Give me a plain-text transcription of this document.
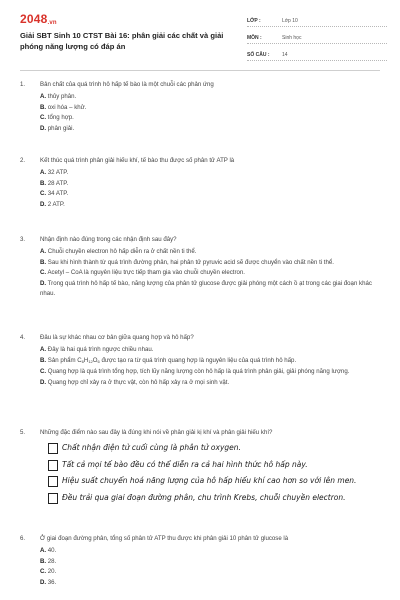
2048.vn
Giải SBT Sinh 10 CTST Bài 16: phân giải các chất và giải phóng năng lượng có đáp án
LỚP :	Lớp 10
MÔN :	Sinh học
SỐ CÂU :	14
1.	Bản chất của quá trình hô hấp tế bào là một chuỗi các phản ứng
A. thủy phân.
B. oxi hóa – khử.
C. tổng hợp.
D. phân giải.
2.	Kết thúc quá trình phân giải hiếu khí, tế bào thu được số phân tử ATP là
A. 32 ATP.
B. 28 ATP.
C. 34 ATP.
D. 2 ATP.
3.	Nhận định nào đúng trong các nhận định sau đây?
A. Chuỗi chuyền electron hô hấp diễn ra ở chất nền ti thể.
B. Sau khi hình thành từ quá trình đường phân, hai phân tử pyruvic acid sẽ được chuyển vào chất nền ti thể.
C. Acetyl – CoA là nguyên liệu trực tiếp tham gia vào chuỗi chuyền electron.
D. Trong quá trình hô hấp tế bào, năng lượng của phân tử glucose được giải phóng một cách ồ ạt trong các giai đoạn khác nhau.
4.	Đâu là sự khác nhau cơ bản giữa quang hợp và hô hấp?
A. Đây là hai quá trình ngược chiều nhau.
B. Sản phẩm $C_6H_{12}O_6$ được tạo ra từ quá trình quang hợp là nguyên liệu của quá trình hô hấp.
C. Quang hợp là quá trình tổng hợp, tích lũy năng lượng còn hô hấp là quá trình phân giải, giải phóng năng lượng.
D. Quang hợp chỉ xảy ra ở thực vật, còn hô hấp xảy ra ở mọi sinh vật.
5.	Những đặc điểm nào sau đây là đúng khi nói về phân giải kị khí và phân giải hiếu khí?
Chất nhận điện tử cuối cùng là phân tử oxygen.
Tất cả mọi tế bào đều có thể diễn ra cả hai hình thức hô hấp này.
Hiệu suất chuyển hoá năng lượng của hô hấp hiếu khí cao hơn so với lên men.
Đều trải qua giai đoạn đường phân, chu trình Krebs, chuỗi chuyền electron.
6.	Ở giai đoạn đường phân, tổng số phân tử ATP thu được khi phân giải 10 phân tử glucose là
A. 40.
B. 28.
C. 20.
D. 36.
